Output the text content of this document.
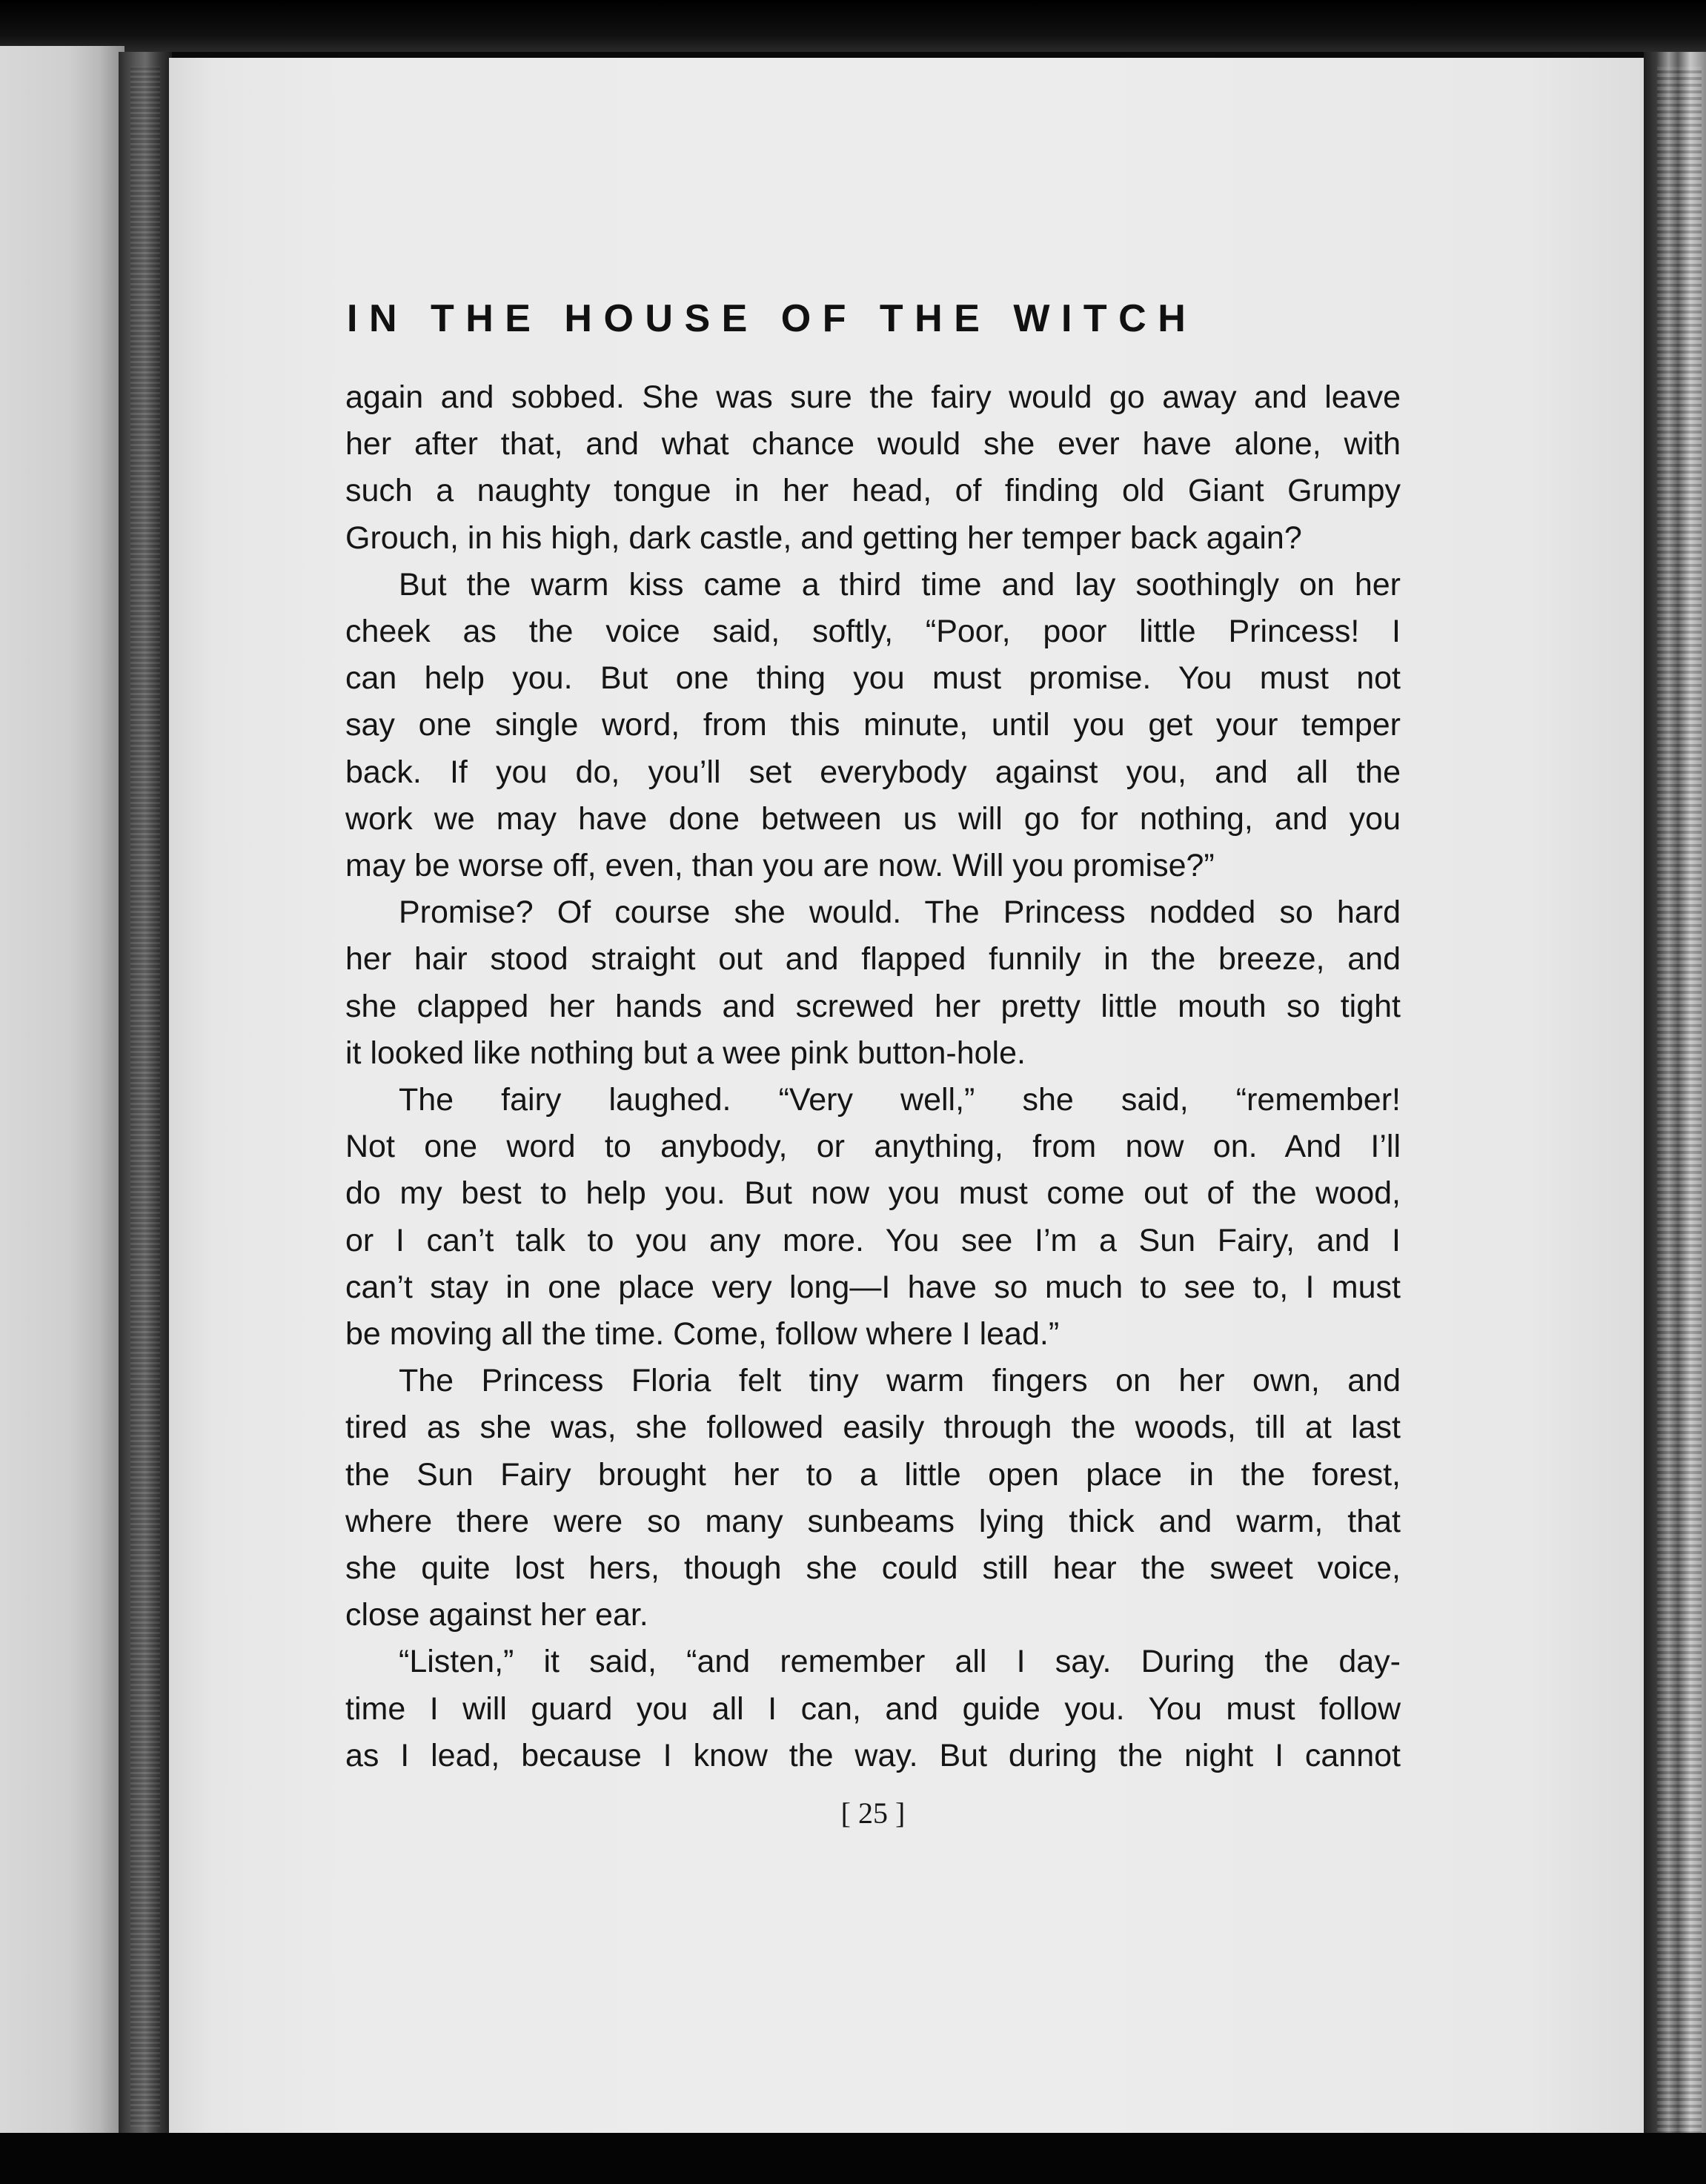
IN THE HOUSE OF THE WITCH
again and sobbed. She was sure the fairy would go away and leave
her after that, and what chance would she ever have alone, with
such a naughty tongue in her head, of finding old Giant Grumpy
Grouch, in his high, dark castle, and getting her temper back again?
But the warm kiss came a third time and lay soothingly on her
cheek as the voice said, softly, “Poor, poor little Princess! I
can help you. But one thing you must promise. You must not
say one single word, from this minute, until you get your temper
back. If you do, you’ll set everybody against you, and all the
work we may have done between us will go for nothing, and you
may be worse off, even, than you are now. Will you promise?”
Promise? Of course she would. The Princess nodded so hard
her hair stood straight out and flapped funnily in the breeze, and
she clapped her hands and screwed her pretty little mouth so tight
it looked like nothing but a wee pink button-hole.
The fairy laughed. “Very well,” she said, “remember!
Not one word to anybody, or anything, from now on. And I’ll
do my best to help you. But now you must come out of the wood,
or I can’t talk to you any more. You see I’m a Sun Fairy, and I
can’t stay in one place very long—I have so much to see to, I must
be moving all the time. Come, follow where I lead.”
The Princess Floria felt tiny warm fingers on her own, and
tired as she was, she followed easily through the woods, till at last
the Sun Fairy brought her to a little open place in the forest,
where there were so many sunbeams lying thick and warm, that
she quite lost hers, though she could still hear the sweet voice,
close against her ear.
“Listen,” it said, “and remember all I say. During the day-
time I will guard you all I can, and guide you. You must follow
as I lead, because I know the way. But during the night I cannot
[ 25 ]
